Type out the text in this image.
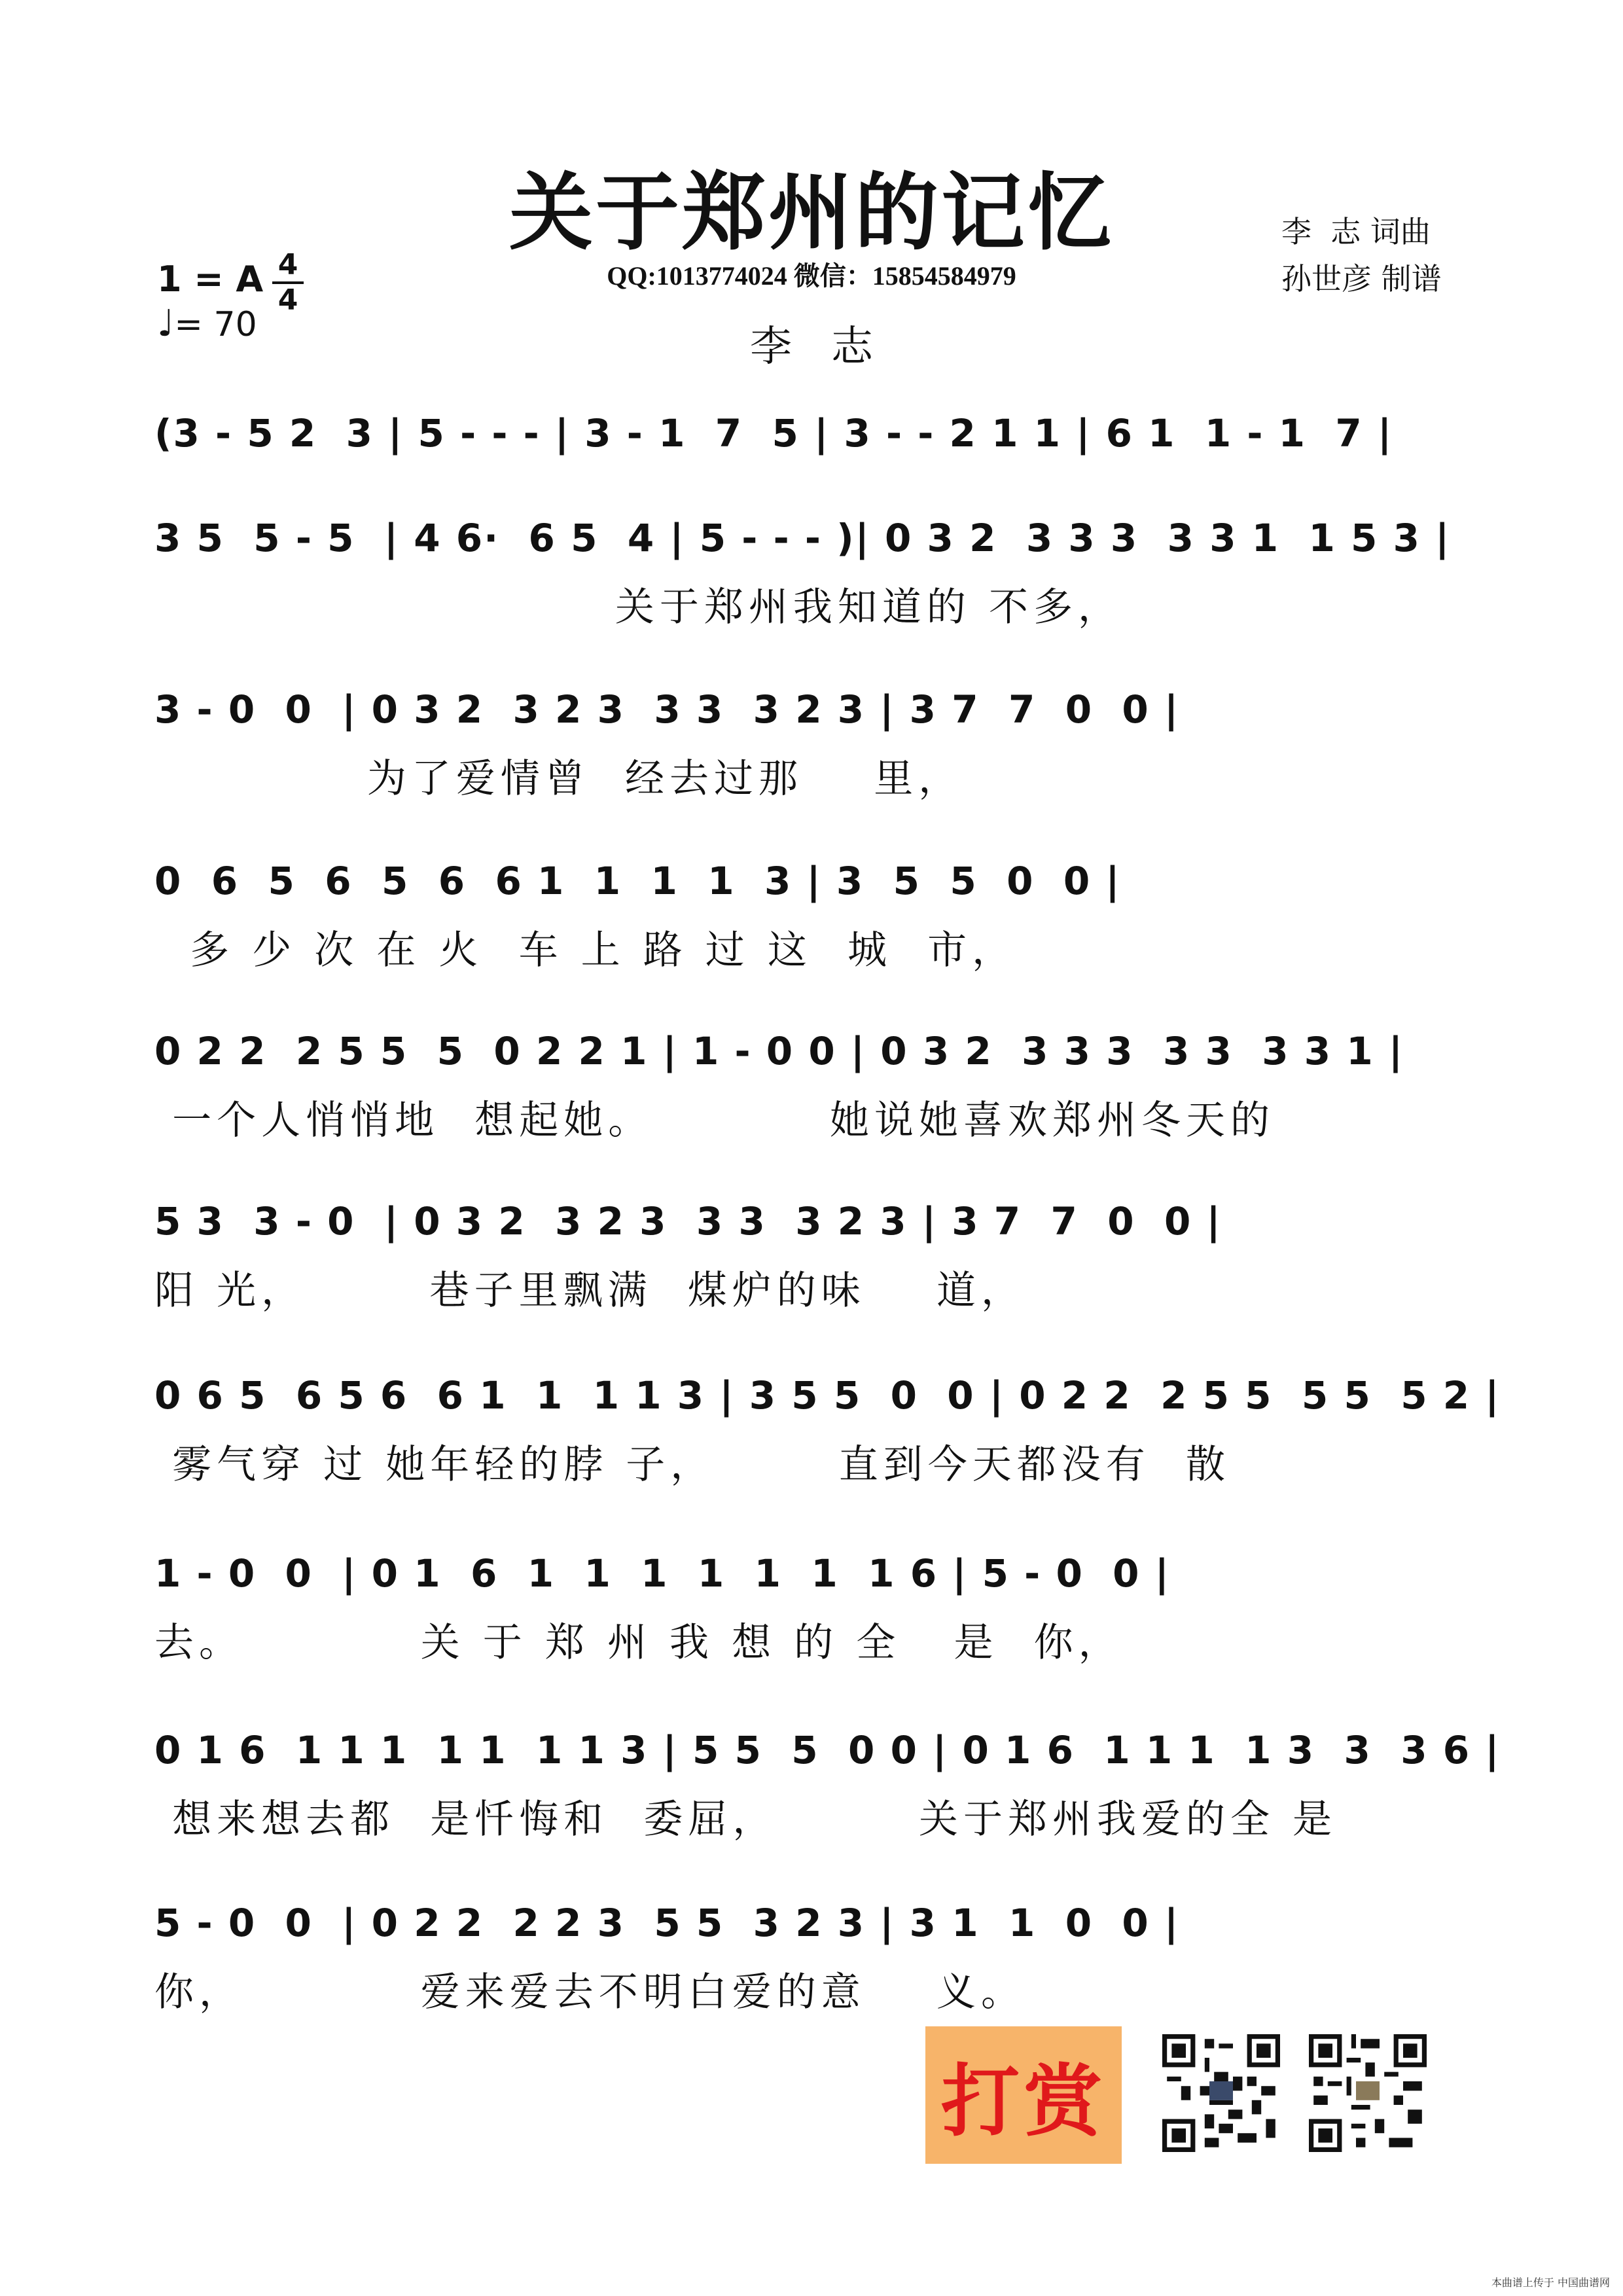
关于郑州的记忆
QQ:1013774024 微信：15854584979
李志
李  志 词曲
孙世彦 制谱
1 = A 4
4
♩= 70
(3 - 5 2  3 | 5 - - - | 3 - 1  7  5 | 3 - - 2 1 1 | 6 1  1 - 1  7 |
3 5  5 - 5  | 4 6·  6 5  4 | 5 - - - )| 0 3 2  3 3 3  3 3 1  1 5 3 |
关于郑州我知道的 不多，
3 - 0  0  | 0 3 2  3 2 3  3 3  3 2 3 | 3 7  7  0  0 |
为了爱情曾  经去过那    里，
0  6  5  6  5  6  6 1  1  1  1  3 | 3  5  5  0  0 |
多 少 次 在 火  车 上 路 过 这  城  市，
0 2 2  2 5 5  5  0 2 2 1 | 1 - 0 0 | 0 3 2  3 3 3  3 3  3 3 1 |
一个人悄悄地  想起她。          她说她喜欢郑州冬天的
5 3  3 - 0  | 0 3 2  3 2 3  3 3  3 2 3 | 3 7  7  0  0 |
阳 光，       巷子里飘满  煤炉的味    道，
0 6 5  6 5 6  6 1  1  1 1 3 | 3 5 5  0  0 | 0 2 2  2 5 5  5 5  5 2 |
雾气穿 过 她年轻的脖 子，       直到今天都没有  散
1 - 0  0  | 0 1  6  1  1  1  1  1  1  1 6 | 5 - 0  0 |
去。          关 于 郑 州 我 想 的 全   是  你，
0 1 6  1 1 1  1 1  1 1 3 | 5 5  5  0 0 | 0 1 6  1 1 1  1 3  3  3 6 |
想来想去都  是忏悔和  委屈，        关于郑州我爱的全 是
5 - 0  0  | 0 2 2  2 2 3  5 5  3 2 3 | 3 1  1  0  0 |
你，          爱来爱去不明白爱的意    义。
打赏
本曲谱上传于 中国曲谱网
